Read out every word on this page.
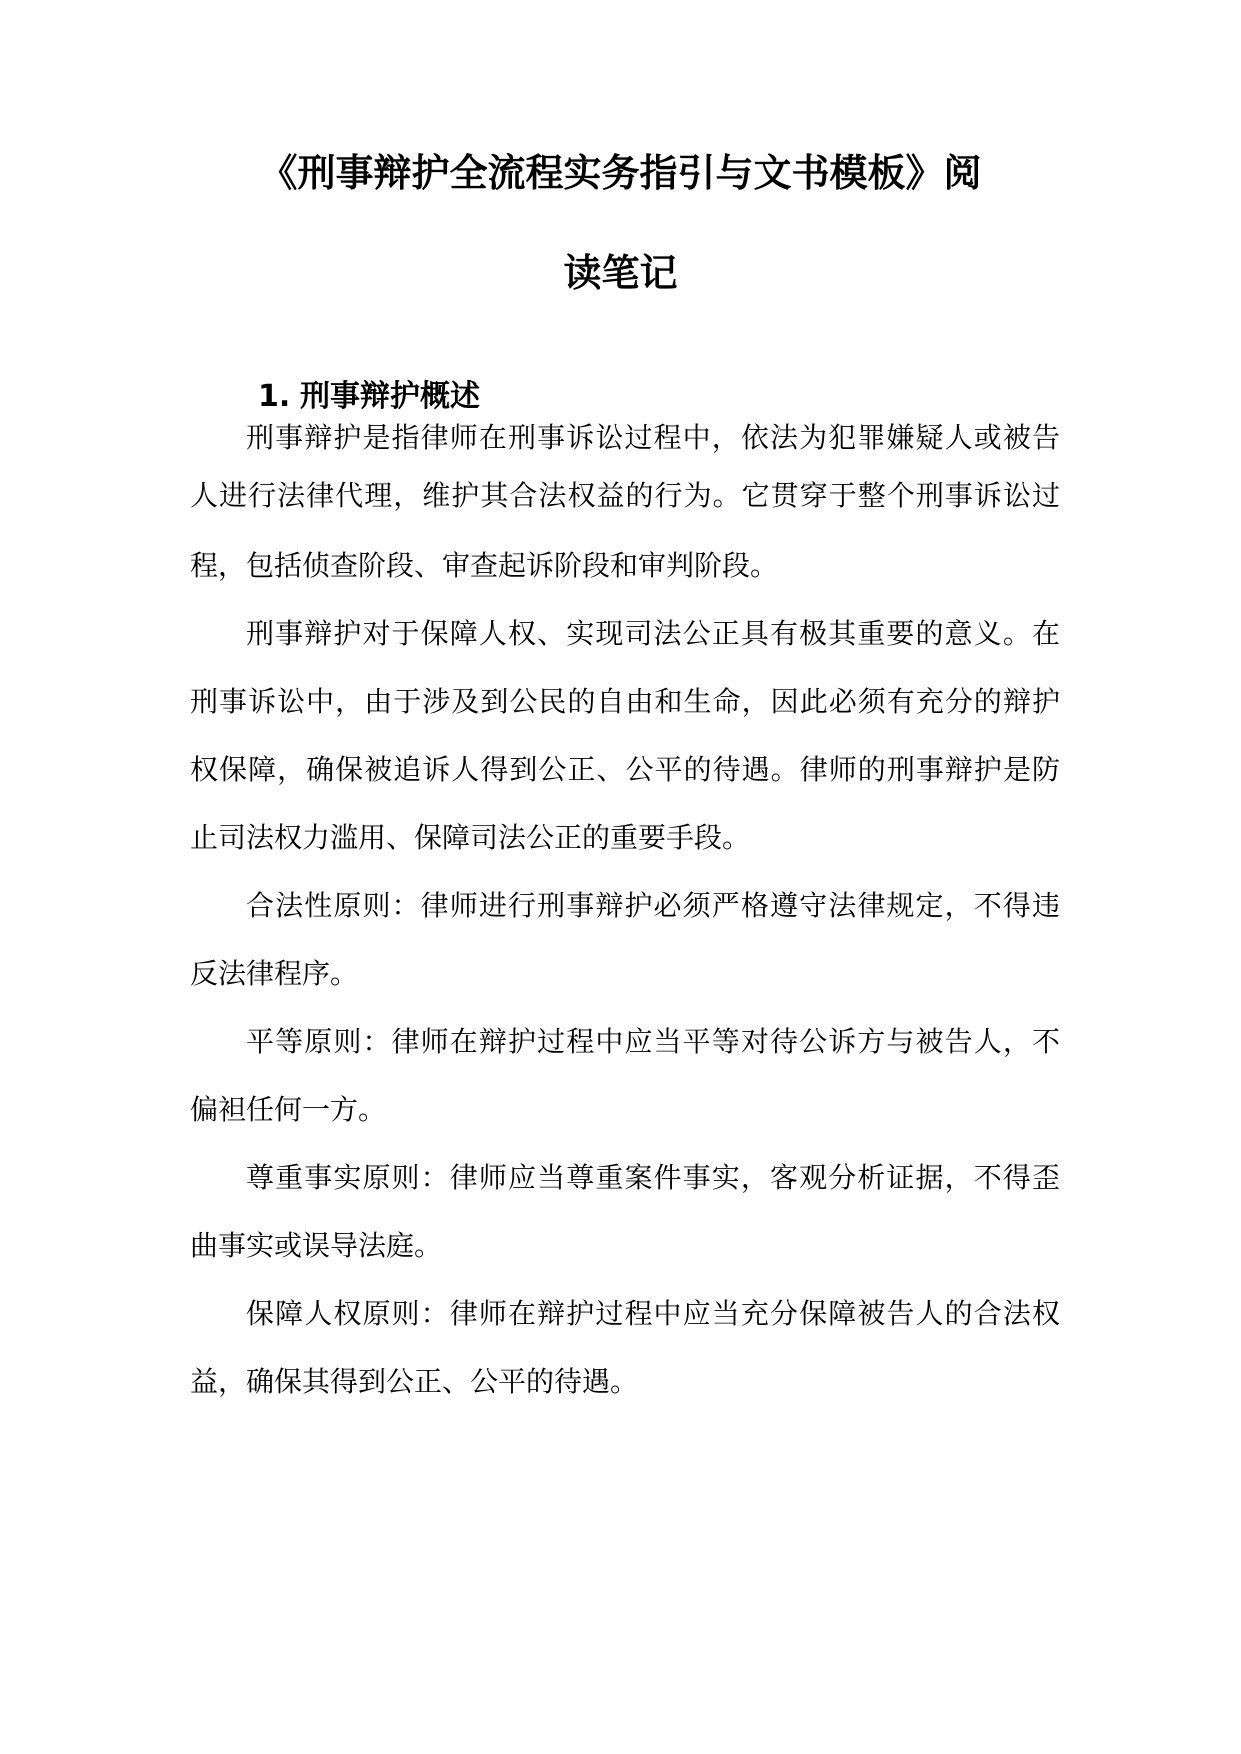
《刑事辩护全流程实务指引与文书模板》阅
读笔记
1. 刑事辩护概述
刑事辩护是指律师在刑事诉讼过程中，依法为犯罪嫌疑人或被告
人进行法律代理，维护其合法权益的行为。它贯穿于整个刑事诉讼过
程，包括侦查阶段、审查起诉阶段和审判阶段。
刑事辩护对于保障人权、实现司法公正具有极其重要的意义。在
刑事诉讼中，由于涉及到公民的自由和生命，因此必须有充分的辩护
权保障，确保被追诉人得到公正、公平的待遇。律师的刑事辩护是防
止司法权力滥用、保障司法公正的重要手段。
合法性原则：律师进行刑事辩护必须严格遵守法律规定，不得违
反法律程序。
平等原则：律师在辩护过程中应当平等对待公诉方与被告人，不
偏袒任何一方。
尊重事实原则：律师应当尊重案件事实，客观分析证据，不得歪
曲事实或误导法庭。
保障人权原则：律师在辩护过程中应当充分保障被告人的合法权
益，确保其得到公正、公平的待遇。
